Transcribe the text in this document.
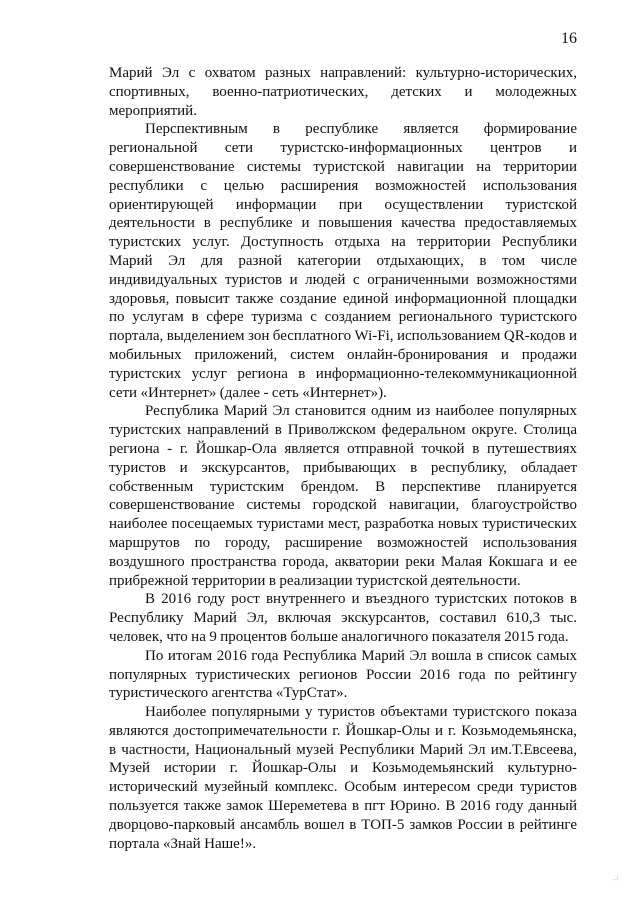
16

Марий Эл с охватом разных направлений: культурно-исторических, спортивных, военно-патриотических, детских и молодежных мероприятий.

Перспективным в республике является формирование региональной сети туристско-информационных центров и совершенствование системы туристской навигации на территории республики с целью расширения возможностей использования ориентирующей информации при осуществлении туристской деятельности в республике и повышения качества предоставляемых туристских услуг. Доступность отдыха на территории Республики Марий Эл для разной категории отдыхающих, в том числе индивидуальных туристов и людей с ограниченными возможностями здоровья, повысит также создание единой информационной площадки по услугам в сфере туризма с созданием регионального туристского портала, выделением зон бесплатного Wi-Fi, использованием QR-кодов и мобильных приложений, систем онлайн-бронирования и продажи туристских услуг региона в информационно-телекоммуникационной сети «Интернет» (далее - сеть «Интернет»).

Республика Марий Эл становится одним из наиболее популярных туристских направлений в Приволжском федеральном округе. Столица региона - г. Йошкар-Ола является отправной точкой в путешествиях туристов и экскурсантов, прибывающих в республику, обладает собственным туристским брендом. В перспективе планируется совершенствование системы городской навигации, благоустройство наиболее посещаемых туристами мест, разработка новых туристических маршрутов по городу, расширение возможностей использования воздушного пространства города, акватории реки Малая Кокшага и ее прибрежной территории в реализации туристской деятельности.

В 2016 году рост внутреннего и въездного туристских потоков в Республику Марий Эл, включая экскурсантов, составил 610,3 тыс. человек, что на 9 процентов больше аналогичного показателя 2015 года.

По итогам 2016 года Республика Марий Эл вошла в список самых популярных туристических регионов России 2016 года по рейтингу туристического агентства «ТурСтат».

Наиболее популярными у туристов объектами туристского показа являются достопримечательности г. Йошкар-Олы и г. Козьмодемьянска, в частности, Национальный музей Республики Марий Эл им.Т.Евсеева, Музей истории г. Йошкар-Олы и Козьмодемьянский культурно-исторический музейный комплекс. Особым интересом среди туристов пользуется также замок Шереметева в пгт Юрино. В 2016 году данный дворцово-парковый ансамбль вошел в ТОП-5 замков России в рейтинге портала «Знай Наше!».

⌟
